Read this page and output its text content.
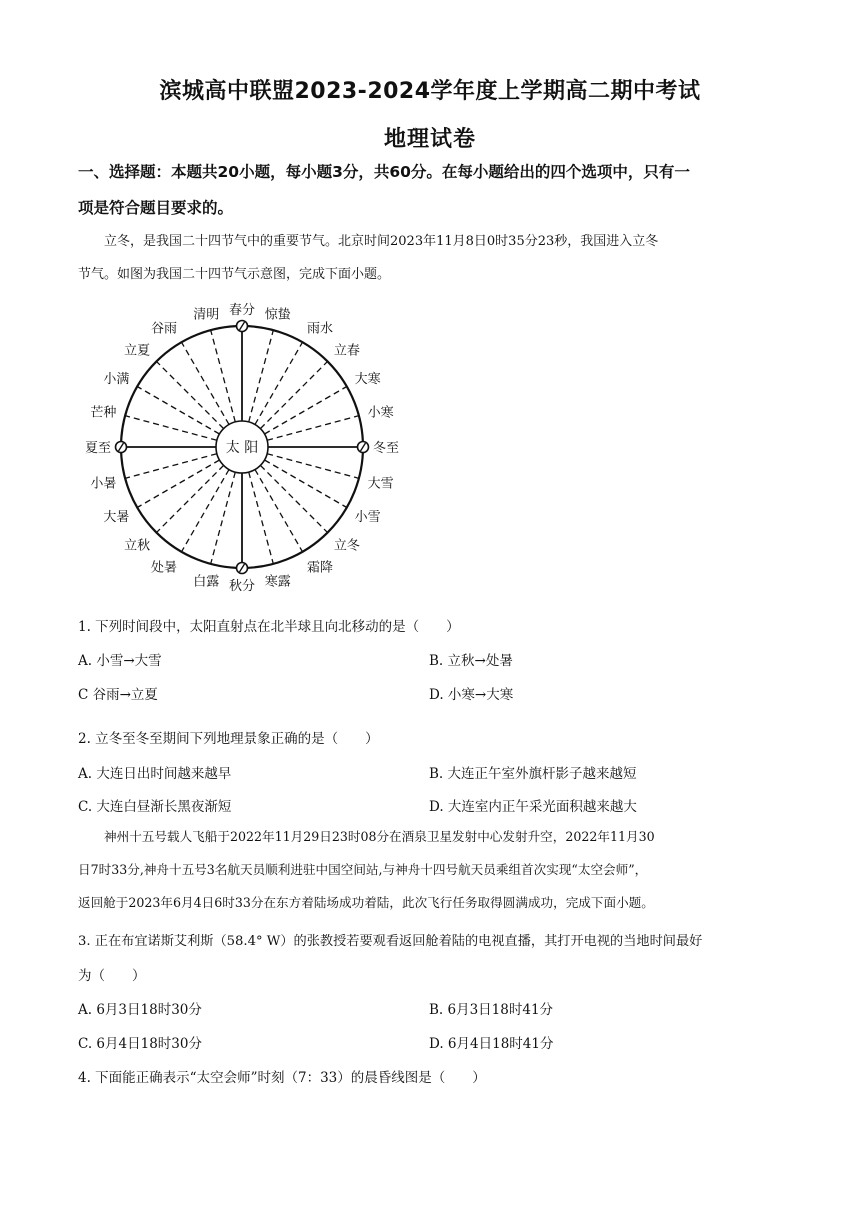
滨城高中联盟2023-2024学年度上学期高二期中考试
地理试卷
一、选择题：本题共20小题，每小题3分，共60分。在每小题给出的四个选项中，只有一
项是符合题目要求的。
立冬，是我国二十四节气中的重要节气。北京时间2023年11月8日0时35分23秒，我国进入立冬
节气。如图为我国二十四节气示意图，完成下面小题。
太 阳
春分 惊蛰
雨水
立春
大寒
小寒
冬至
大雪
小雪
立冬
霜降
寒露
秋分
白露
处暑
立秋
大暑
小暑
夏至
芒种
小满
立夏
谷雨
清明
1. 下列时间段中，太阳直射点在北半球且向北移动的是（　　）
A. 小雪→大雪	B. 立秋→处暑
C 谷雨→立夏	D. 小寒→大寒
2. 立冬至冬至期间下列地理景象正确的是（　　）
A. 大连日出时间越来越早	B. 大连正午室外旗杆影子越来越短
C. 大连白昼渐长黑夜渐短	D. 大连室内正午采光面积越来越大
神州十五号载人飞船于2022年11月29日23时08分在酒泉卫星发射中心发射升空，2022年11月30
日7时33分,神舟十五号3名航天员顺利进驻中国空间站,与神舟十四号航天员乘组首次实现“太空会师”，
返回舱于2023年6月4日6时33分在东方着陆场成功着陆，此次飞行任务取得圆满成功，完成下面小题。
3. 正在布宜诺斯艾利斯（58.4° W）的张教授若要观看返回舱着陆的电视直播，其打开电视的当地时间最好
为（　　）
A. 6月3日18时30分	B. 6月3日18时41分
C. 6月4日18时30分	D. 6月4日18时41分
4. 下面能正确表示“太空会师”时刻（7：33）的晨昏线图是（　　）
